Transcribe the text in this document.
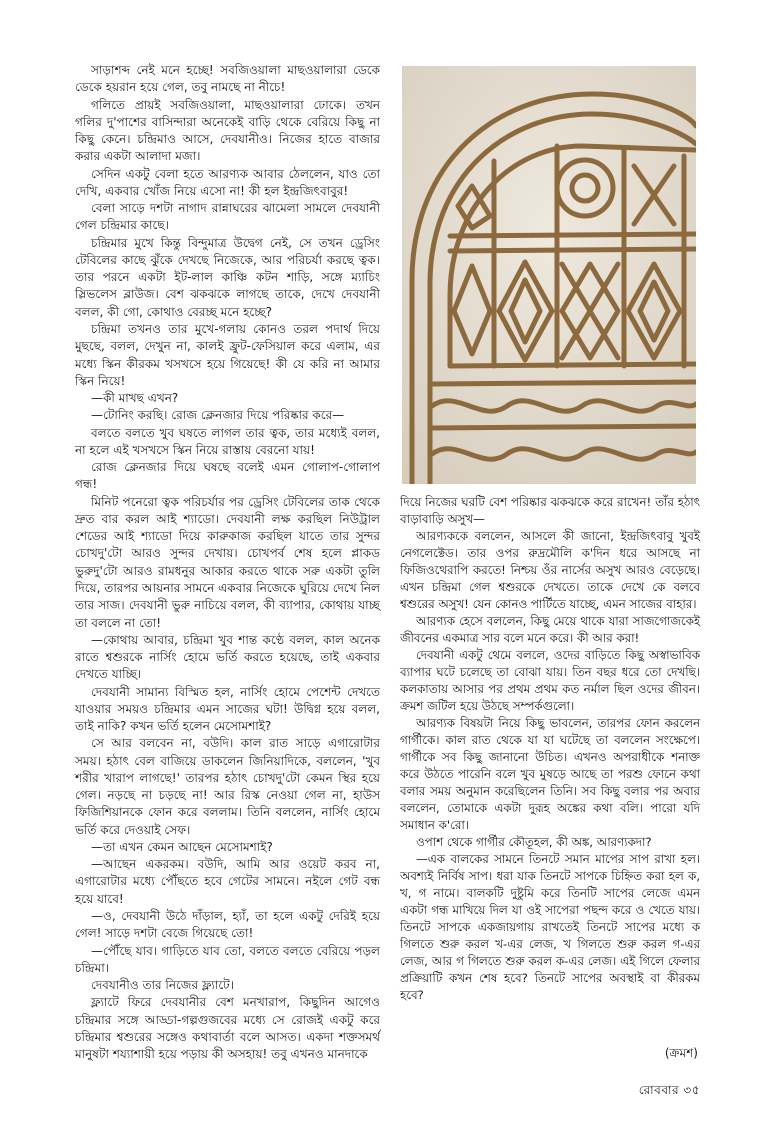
সাড়াশব্দ নেই মনে হচ্ছে! সবজিওয়ালা মাছওয়ালারা ডেকে ডেকে হয়রান হয়ে গেল, তবু নামছে না নীচে!

গলিতে প্রায়ই সবজিওয়ালা, মাছওয়ালারা ঢোকে। তখন গলির দু'পাশের বাসিন্দারা অনেকেই বাড়ি থেকে বেরিয়ে কিছু না কিছু কেনে। চন্দ্রিমাও আসে, দেবযানীও। নিজের হাতে বাজার করার একটা আলাদা মজা।

সেদিন একটু বেলা হতে আরণ্যক আবার ঠেললেন, যাও তো দেখি, একবার খোঁজ নিয়ে এসো না! কী হল ইন্দ্রজিৎবাবুর!

বেলা সাড়ে দশটা নাগাদ রান্নাঘরের ঝামেলা সামলে দেবযানী গেল চন্দ্রিমার কাছে।

চন্দ্রিমার মুখে কিন্তু বিন্দুমাত্র উদ্বেগ নেই, সে তখন ড্রেসিং টেবিলের কাছে ঝুঁকে দেখছে নিজেকে, আর পরিচর্যা করছে ত্বক। তার পরনে একটা ইট-লাল কাঞ্চি কটন শাড়ি, সঙ্গে ম্যাচিং স্লিভলেস ব্লাউজ। বেশ ঝকঝকে লাগছে তাকে, দেখে দেবযানী বলল, কী গো, কোথাও বেরচ্ছ মনে হচ্ছে?

চন্দ্রিমা তখনও তার মুখে-গলায় কোনও তরল পদার্থ দিয়ে মুছছে, বলল, দেখুন না, কালই ফ্রুট-ফেসিয়াল করে এলাম, এর মধ্যে স্কিন কীরকম খসখসে হয়ে গিয়েছে! কী যে করি না আমার স্কিন নিয়ে!

—কী মাখছ এখন?

—টোনিং করছি। রোজ ক্লেনজার দিয়ে পরিষ্কার করে—

বলতে বলতে খুব ঘষতে লাগল তার ত্বক, তার মধ্যেই বলল, না হলে এই খসখসে স্কিন নিয়ে রাস্তায় বেরনো যায়!

রোজ ক্লেনজার দিয়ে ঘষছে বলেই এমন গোলাপ-গোলাপ গন্ধ!

মিনিট পনেরো ত্বক পরিচর্যার পর ড্রেসিং টেবিলের তাক থেকে দ্রুত বার করল আই শ্যাডো। দেবযানী লক্ষ করছিল নিউট্রাল শেডের আই শ্যাডো দিয়ে কারুকাজ করছিল যাতে তার সুন্দর চোখদু'টো আরও সুন্দর দেখায়। চোখপর্ব শেষ হলে প্লাকড ভুরুদু'টো আরও রামধনুর আকার করতে থাকে সরু একটা তুলি দিয়ে, তারপর আয়নার সামনে একবার নিজেকে ঘুরিয়ে দেখে নিল তার সাজ। দেবযানী ভুরু নাচিয়ে বলল, কী ব্যাপার, কোথায় যাচ্ছ তা বললে না তো!

—কোথায় আবার, চন্দ্রিমা খুব শান্ত কণ্ঠে বলল, কাল অনেক রাতে শ্বশুরকে নার্সিং হোমে ভর্তি করতে হয়েছে, তাই একবার দেখতে যাচ্ছি।

দেবযানী সামান্য বিস্মিত হল, নার্সিং হোমে পেশেন্ট দেখতে যাওয়ার সময়ও চন্দ্রিমার এমন সাজের ঘটা! উদ্বিগ্ন হয়ে বলল, তাই নাকি? কখন ভর্তি হলেন মেসোমশাই?

সে আর বলবেন না, বউদি। কাল রাত সাড়ে এগারোটার সময়। হঠাৎ বেল বাজিয়ে ডাকলেন জিনিয়াদিকে, বললেন, 'খুব শরীর খারাপ লাগছে!' তারপর হঠাৎ চোখদু'টো কেমন স্থির হয়ে গেল। নড়ছে না চড়ছে না! আর রিস্ক নেওয়া গেল না, হাউস ফিজিশিয়ানকে ফোন করে বললাম। তিনি বললেন, নার্সিং হোমে ভর্তি করে দেওয়াই সেফ।

—তা এখন কেমন আছেন মেসোমশাই?

—আছেন একরকম। বউদি, আমি আর ওয়েট করব না, এগারোটার মধ্যে পৌঁছতে হবে গেটের সামনে। নইলে গেট বন্ধ হয়ে যাবে!

—ও, দেবযানী উঠে দাঁড়াল, হ্যাঁ, তা হলে একটু দেরিই হয়ে গেল! সাড়ে দশটা বেজে গিয়েছে তো!

—পৌঁছে যাব। গাড়িতে যাব তো, বলতে বলতে বেরিয়ে পড়ল চন্দ্রিমা।

দেবযানীও তার নিজের ফ্ল্যাটে।

ফ্ল্যাটে ফিরে দেবযানীর বেশ মনখারাপ, কিছুদিন আগেও চন্দ্রিমার সঙ্গে আড্ডা-গল্পগুজবের মধ্যে সে রোজই একটু করে চন্দ্রিমার শ্বশুরের সঙ্গেও কথাবার্তা বলে আসত। একদা শক্তসমর্থ মানুষটা শয্যাশায়ী হয়ে পড়ায় কী অসহায়! তবু এখনও মানদাকে

দিয়ে নিজের ঘরটি বেশ পরিষ্কার ঝকঝকে করে রাখেন! তাঁর হঠাৎ বাড়াবাড়ি অসুখ—

আরণ্যককে বললেন, আসলে কী জানো, ইন্দ্রজিৎবাবু খুবই নেগলেক্টেড। তার ওপর রুদ্রমৌলি ক'দিন ধরে আসছে না ফিজিওথেরাপি করতে! নিশ্চয় ওঁর নার্সের অসুখ আরও বেড়েছে। এখন চন্দ্রিমা গেল শ্বশুরকে দেখতে। তাকে দেখে কে বলবে শ্বশুরের অসুখ! যেন কোনও পার্টিতে যাচ্ছে, এমন সাজের বাহার।

আরণ্যক হেসে বললেন, কিছু মেয়ে থাকে যারা সাজগোজকেই জীবনের একমাত্র সার বলে মনে করে। কী আর করা!

দেবযানী একটু থেমে বললে, ওদের বাড়িতে কিছু অস্বাভাবিক ব্যাপার ঘটে চলেছে তা বোঝা যায়। তিন বছর ধরে তো দেখছি। কলকাতায় আসার পর প্রথম প্রথম কত নর্মাল ছিল ওদের জীবন। ক্রমশ জটিল হয়ে উঠছে সম্পর্কগুলো।

আরণ্যক বিষয়টা নিয়ে কিছু ভাবলেন, তারপর ফোন করলেন গার্গীকে। কাল রাত থেকে যা যা ঘটেছে তা বললেন সংক্ষেপে। গার্গীকে সব কিছু জানানো উচিত। এখনও অপরাধীকে শনাক্ত করে উঠতে পারেনি বলে খুব মুষড়ে আছে তা পরশু ফোনে কথা বলার সময় অনুমান করেছিলেন তিনি। সব কিছু বলার পর অবার বললেন, তোমাকে একটা দুরূহ অঙ্কের কথা বলি। পারো যদি সমাধান ক'রো।

ওপাশ থেকে গার্গীর কৌতূহল, কী অঙ্ক, আরণ্যকদা?

—এক বালকের সামনে তিনটে সমান মাপের সাপ রাখা হল। অবশ্যই নির্বিষ সাপ। ধরা যাক তিনটে সাপকে চিহ্নিত করা হল ক, খ, গ নামে। বালকটি দুষ্টুমি করে তিনটি সাপের লেজে এমন একটা গন্ধ মাখিয়ে দিল যা ওই সাপেরা পছন্দ করে ও খেতে যায়। তিনটে সাপকে একজায়গায় রাখতেই তিনটে সাপের মধ্যে ক গিলতে শুরু করল খ-এর লেজ, খ গিলতে শুরু করল গ-এর লেজ, আর গ গিলতে শুরু করল ক-এর লেজ। এই গিলে ফেলার প্রক্রিয়াটি কখন শেষ হবে? তিনটে সাপের অবস্থাই বা কীরকম হবে?

(ক্রমশ)
রোববার ৩৫
